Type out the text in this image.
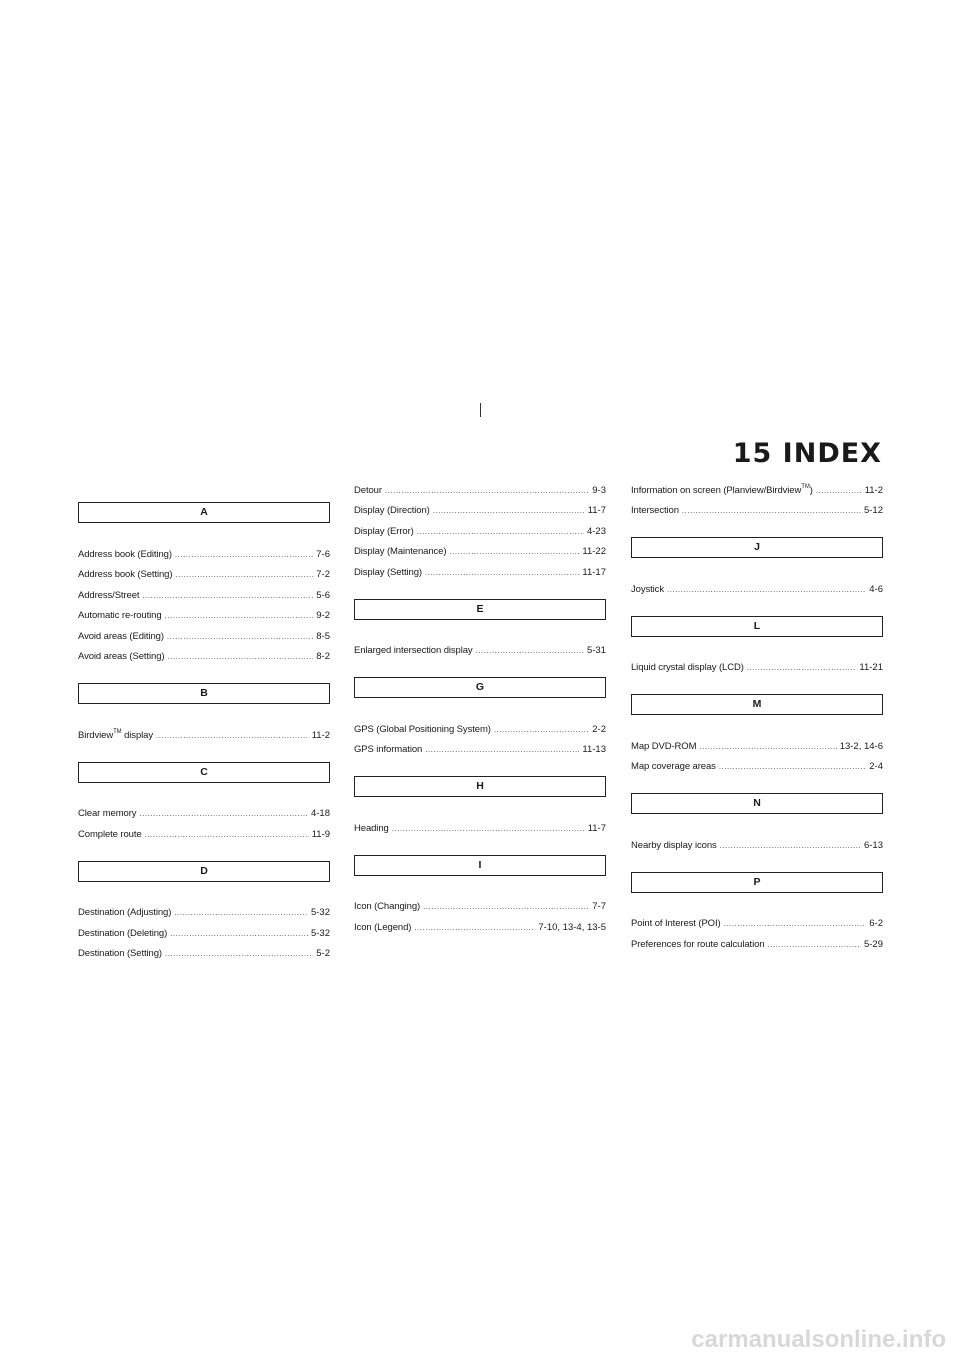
15 INDEX
A
Address book (Editing) .....	7-6
Address book (Setting) .....	7-2
Address/Street .....	5-6
Automatic re-routing .....	9-2
Avoid areas (Editing) .....	8-5
Avoid areas (Setting) .....	8-2
B
Birdview™ display .....	11-2
C
Clear memory .....	4-18
Complete route .....	11-9
D
Destination (Adjusting) .....	5-32
Destination (Deleting) .....	5-32
Destination (Setting) .....	5-2
Detour .....	9-3
Display (Direction) .....	11-7
Display (Error) .....	4-23
Display (Maintenance) .....	11-22
Display (Setting) .....	11-17
E
Enlarged intersection display .....	5-31
G
GPS (Global Positioning System) .....	2-2
GPS information .....	11-13
H
Heading .....	11-7
I
Icon (Changing) .....	7-7
Icon (Legend) .....	7-10, 13-4, 13-5
Information on screen (Planview/Birdview™) .....	11-2
Intersection .....	5-12
J
Joystick .....	4-6
L
Liquid crystal display (LCD) .....	11-21
M
Map DVD-ROM .....	13-2, 14-6
Map coverage areas .....	2-4
N
Nearby display icons .....	6-13
P
Point of Interest (POI) .....	6-2
Preferences for route calculation .....	5-29
carmanualsonline.info
